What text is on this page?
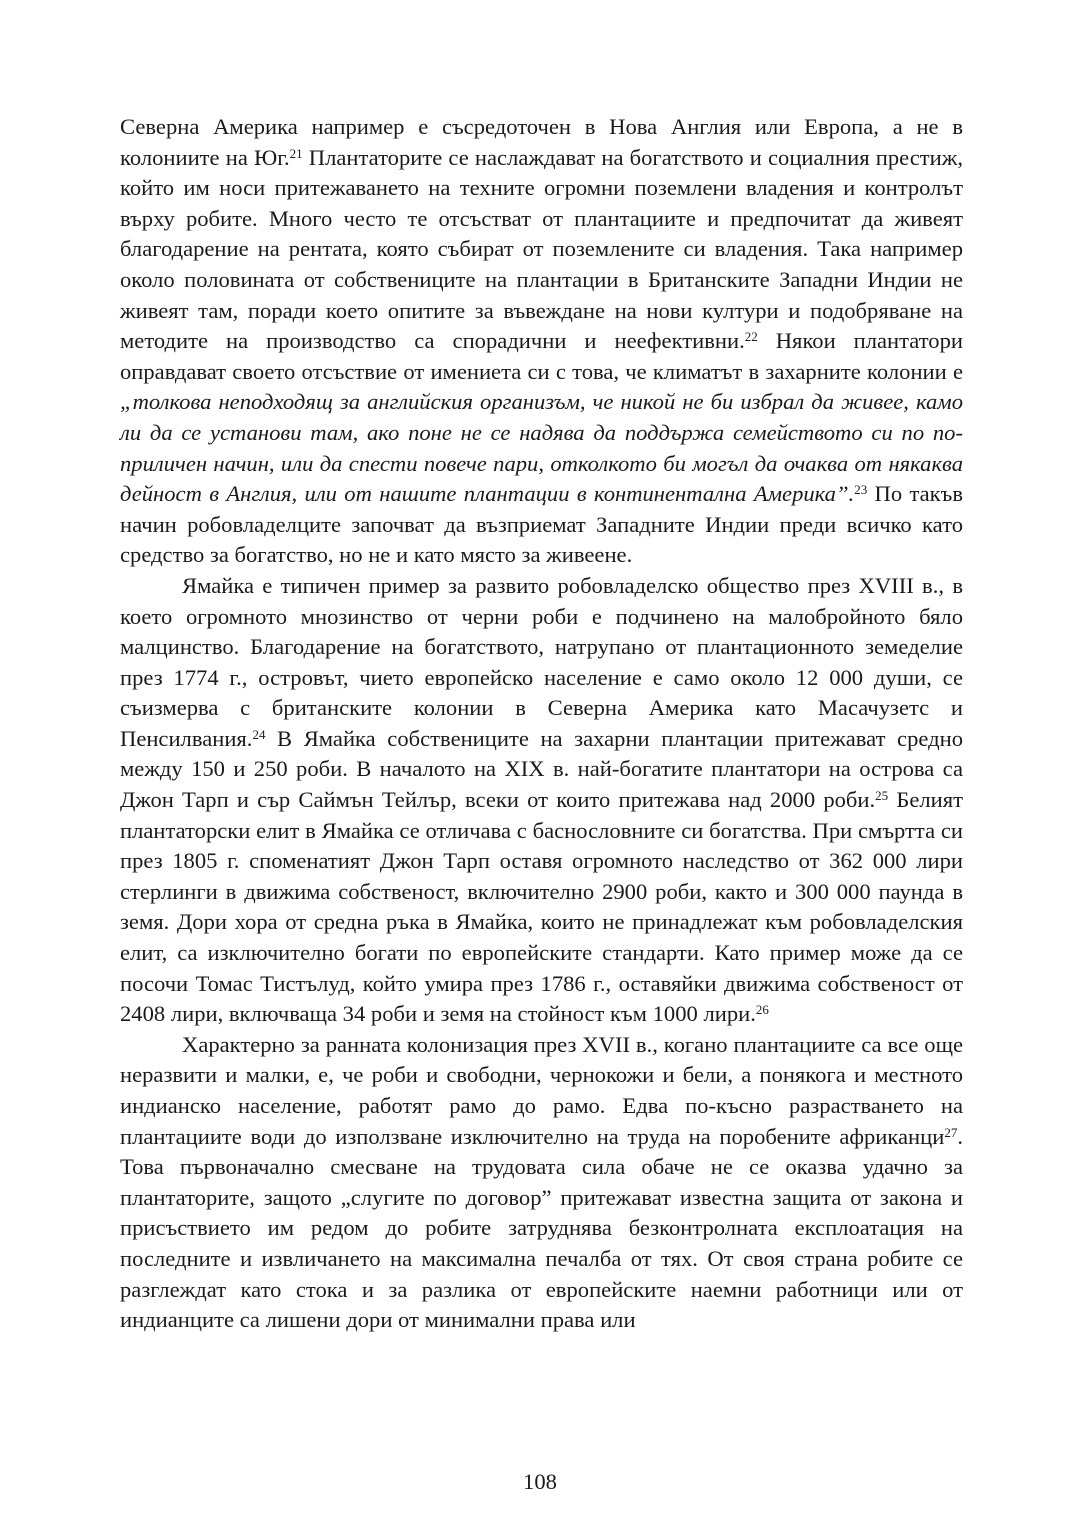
Северна Америка например е съсредоточен в Нова Англия или Европа, а не в колониите на Юг.$^{21}$ Плантаторите се наслаждават на богатството и социалния престиж, който им носи притежаването на техните огромни поземлени владения и контролът върху робите. Много често те отсъстват от плантациите и предпочитат да живеят благодарение на рентата, която събират от поземлените си владения. Така например около половината от собствениците на плантации в Британските Западни Индии не живеят там, поради което опитите за въвеждане на нови култури и подобряване на методите на производство са спорадични и неефективни.$^{22}$ Някои плантатори оправдават своето отсъствие от имениeта си с това, че климатът в захарните колонии е „толкова неподходящ за английския организъм, че никой не би избрал да живее, камо ли да се установи там, ако поне не се надява да поддържа семейството си по по-приличен начин, или да спести повече пари, отколкото би могъл да очаква от някаква дейност в Англия, или от нашите плантации в континентална Америка”.$^{23}$ По такъв начин робовладелците започват да възприемат Западните Индии преди всичко като средство за богатство, но не и като място за живеене.

Ямайка е типичен пример за развито робовладелско общество през XVIII в., в което огромното мнозинство от черни роби е подчинено на малобройното бяло малцинство. Благодарение на богатството, натрупано от плантационното земеделие през 1774 г., островът, чието европейско население е само около 12 000 души, се съизмерва с британските колонии в Северна Америка като Масачузетс и Пенсилвания.$^{24}$ В Ямайка собствениците на захарни плантации притежават средно между 150 и 250 роби. В началото на XIX в. най-богатите плантатори на острова са Джон Тарп и сър Саймън Тейлър, всеки от които притежава над 2000 роби.$^{25}$ Белият плантаторски елит в Ямайка се отличава с баснословните си богатства. При смъртта си през 1805 г. споменатият Джон Тарп оставя огромното наследство от 362 000 лири стерлинги в движима собственост, включително 2900 роби, както и 300 000 паунда в земя. Дори хора от средна ръка в Ямайка, които не принадлежат към робовладелския елит, са изключително богати по европейските стандарти. Като пример може да се посочи Томас Тистълуд, който умира през 1786 г., оставяйки движима собственост от 2408 лири, включваща 34 роби и земя на стойност към 1000 лири.$^{26}$

Характерно за ранната колонизация през XVII в., когано плантациите са все още неразвити и малки, е, че роби и свободни, чернокожи и бели, а понякога и местното индианско население, работят рамо до рамо. Едва по-късно разрастването на плантациите води до използване изключително на труда на поробените африканци$^{27}$. Това първоначално смесване на трудовата сила обаче не се оказва удачно за плантаторите, защото „слугите по договор” притежават известна защита от закона и присъствието им редом до робите затруднява безконтролната експлоатация на последните и извличането на максимална печалба от тях. От своя страна робите се разглеждат като стока и за разлика от европейските наемни работници или от индианците са лишени дори от минимални права или

108
